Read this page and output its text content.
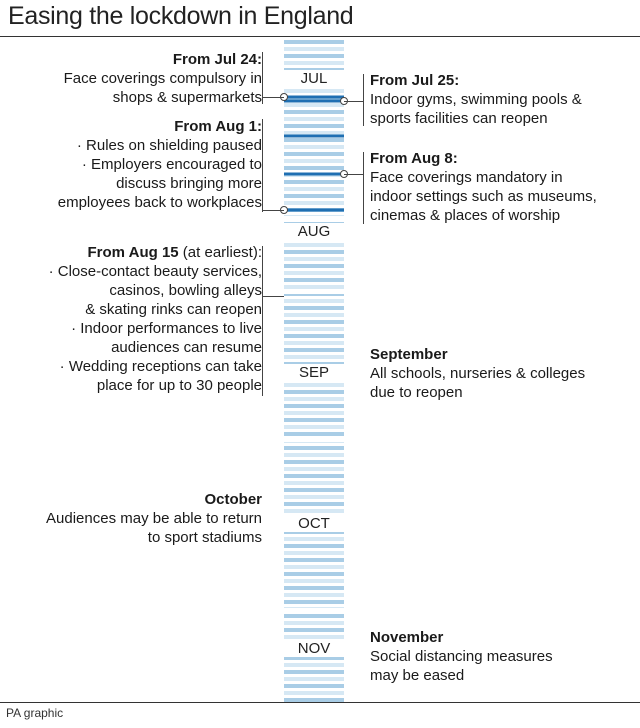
Easing the lockdown in England
JUL
AUG
SEP
OCT
NOV
From Jul 24:
Face coverings compulsory in
shops & supermarkets
From Aug 1:
· Rules on shielding paused
· Employers encouraged to
discuss bringing more
employees back to workplaces
From Aug 15 (at earliest):
· Close-contact beauty services,
casinos, bowling alleys
& skating rinks can reopen
· Indoor performances to live
audiences can resume
· Wedding receptions can take
place for up to 30 people
October
Audiences may be able to return
to sport stadiums
From Jul 25:
Indoor gyms, swimming pools &
sports facilities can reopen
From Aug 8:
Face coverings mandatory in
indoor settings such as museums,
cinemas & places of worship
September
All schools, nurseries & colleges
due to reopen
November
Social distancing measures
may be eased
PA graphic
